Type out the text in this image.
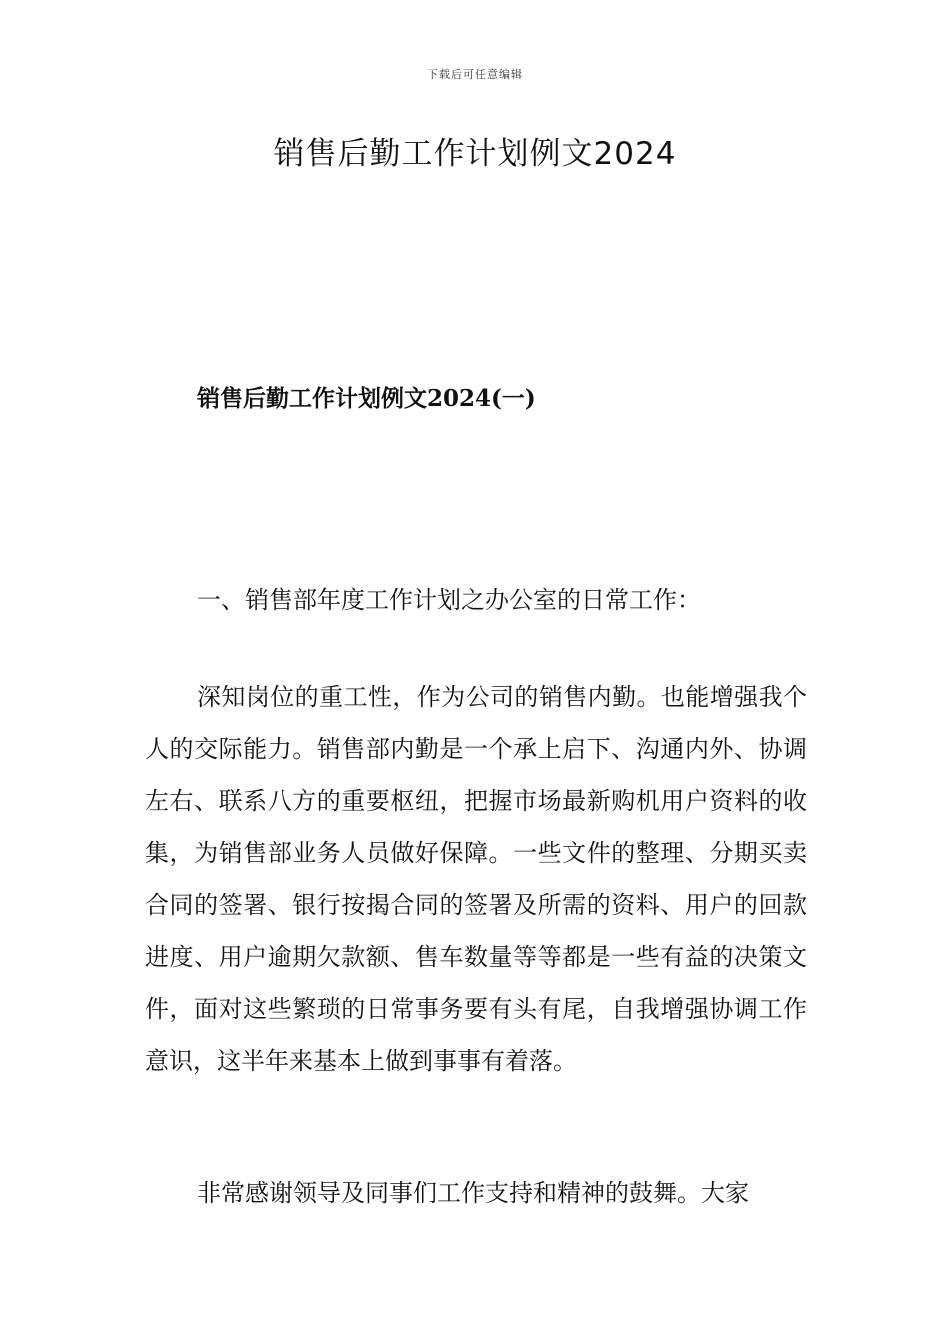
下载后可任意编辑
销售后勤工作计划例文2024
销售后勤工作计划例文2024(一)

一、销售部年度工作计划之办公室的日常工作：

深知岗位的重工性，作为公司的销售内勤。也能增强我个人的交际能力。销售部内勤是一个承上启下、沟通内外、协调左右、联系八方的重要枢纽，把握市场最新购机用户资料的收集，为销售部业务人员做好保障。一些文件的整理、分期买卖合同的签署、银行按揭合同的签署及所需的资料、用户的回款进度、用户逾期欠款额、售车数量等等都是一些有益的决策文件，面对这些繁琐的日常事务要有头有尾，自我增强协调工作意识，这半年来基本上做到事事有着落。

非常感谢领导及同事们工作支持和精神的鼓舞。大家
